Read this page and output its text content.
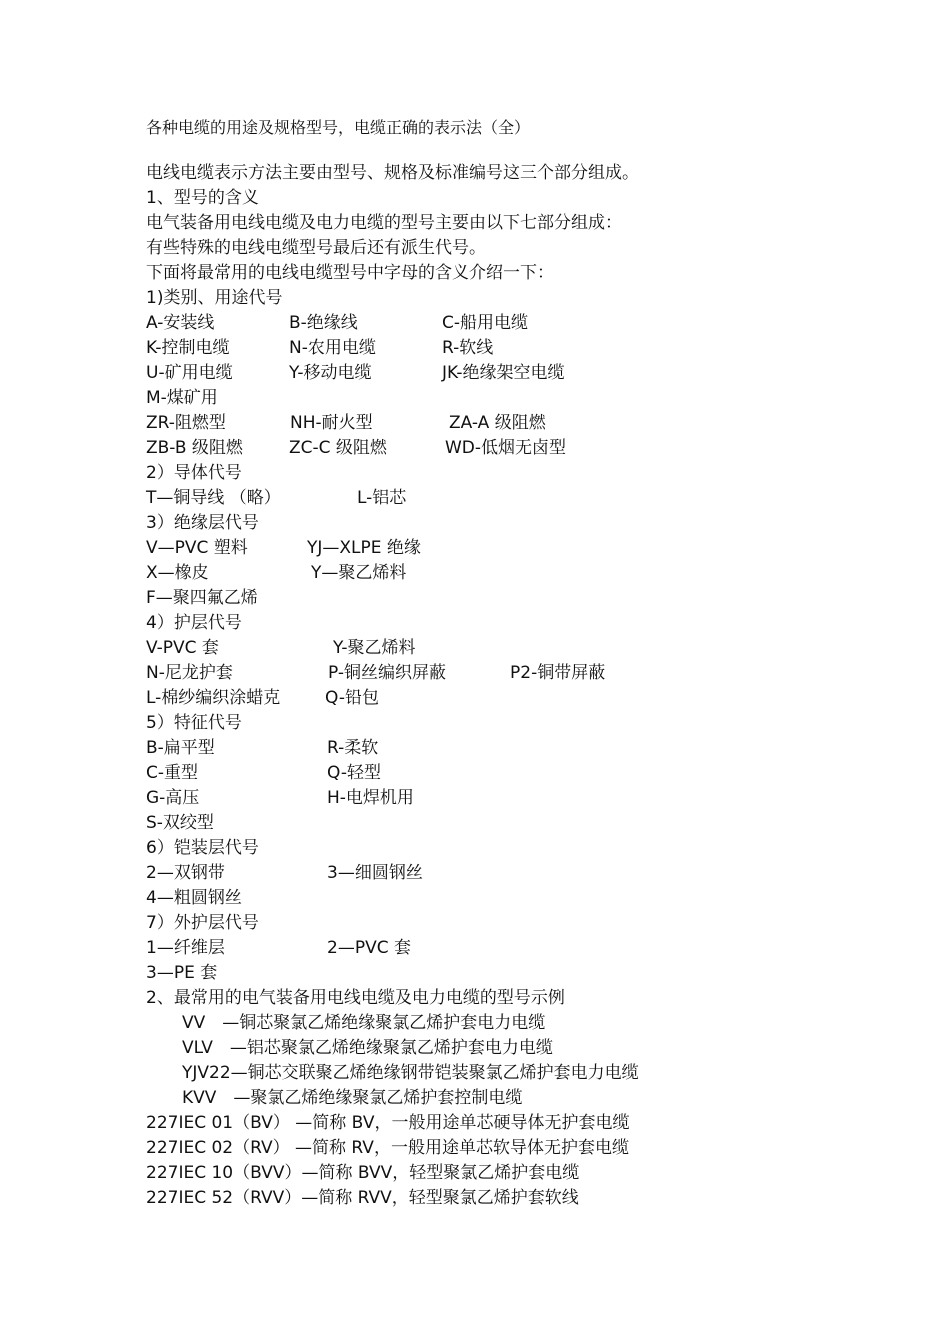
各种电缆的用途及规格型号，电缆正确的表示法（全）
电线电缆表示方法主要由型号、规格及标准编号这三个部分组成。
1、型号的含义
电气装备用电线电缆及电力电缆的型号主要由以下七部分组成：
有些特殊的电线电缆型号最后还有派生代号。
下面将最常用的电线电缆型号中字母的含义介绍一下：
1)类别、用途代号
A-安装线	B-绝缘线	C-船用电缆
K-控制电缆	N-农用电缆	R-软线
U-矿用电缆	Y-移动电缆	JK-绝缘架空电缆
M-煤矿用
ZR-阻燃型	NH-耐火型	ZA-A 级阻燃
ZB-B 级阻燃	ZC-C 级阻燃	WD-低烟无卤型
2）导体代号
T—铜导线 （略）	L-铝芯
3）绝缘层代号
V—PVC 塑料	YJ—XLPE 绝缘
X—橡皮	Y—聚乙烯料
F—聚四氟乙烯
4）护层代号
V-PVC 套	Y-聚乙烯料
N-尼龙护套	P-铜丝编织屏蔽	P2-铜带屏蔽
L-棉纱编织涂蜡克	Q-铅包
5）特征代号
B-扁平型	R-柔软
C-重型	Q-轻型
G-高压	H-电焊机用
S-双绞型
6）铠装层代号
2—双钢带	3—细圆钢丝
4—粗圆钢丝
7）外护层代号
1—纤维层	2—PVC 套
3—PE 套
2、最常用的电气装备用电线电缆及电力电缆的型号示例
VV　—铜芯聚氯乙烯绝缘聚氯乙烯护套电力电缆
VLV　—铝芯聚氯乙烯绝缘聚氯乙烯护套电力电缆
YJV22—铜芯交联聚乙烯绝缘钢带铠装聚氯乙烯护套电力电缆
KVV　—聚氯乙烯绝缘聚氯乙烯护套控制电缆
227IEC 01（BV） —简称 BV，一般用途单芯硬导体无护套电缆
227IEC 02（RV） —简称 RV，一般用途单芯软导体无护套电缆
227IEC 10（BVV）—简称 BVV，轻型聚氯乙烯护套电缆
227IEC 52（RVV）—简称 RVV，轻型聚氯乙烯护套软线
